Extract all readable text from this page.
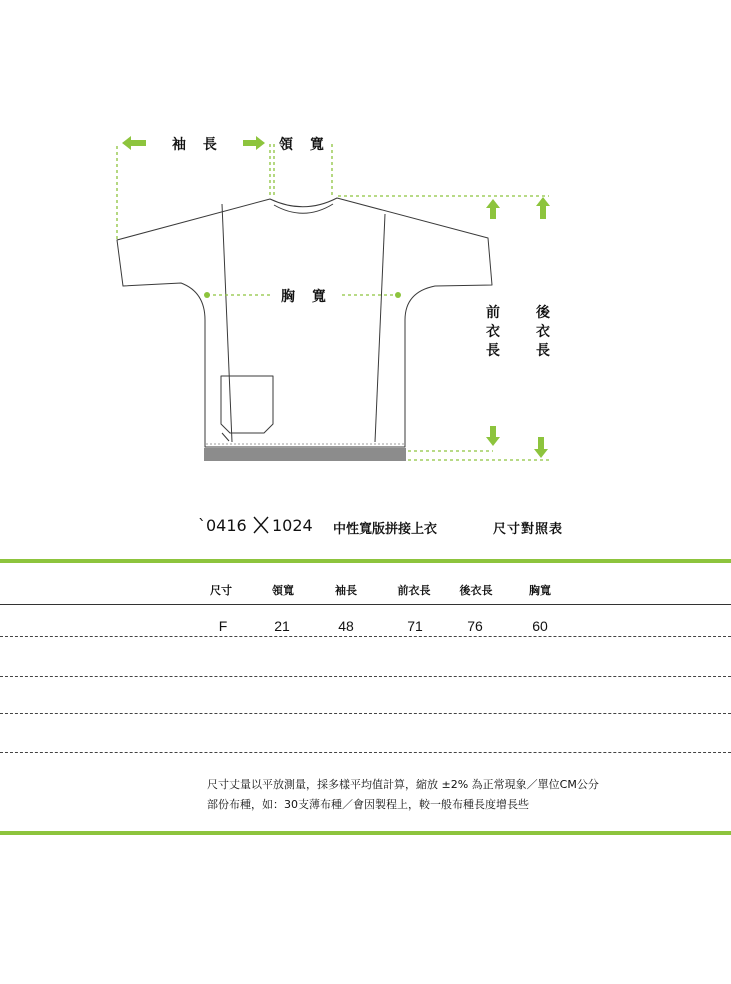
袖 長	領 寬
胸 寬
前
衣
長
後
衣
長
`0416 1024 中性寬版拼接上衣	尺寸對照表
尺寸	領寬	袖長	前衣長	後衣長	胸寬
F	21	48	71	76	60
尺寸丈量以平放測量，採多樣平均值計算，縮放 ±2% 為正常現象／單位CM公分
部份布種，如：30支薄布種／會因製程上，較一般布種長度增長些
